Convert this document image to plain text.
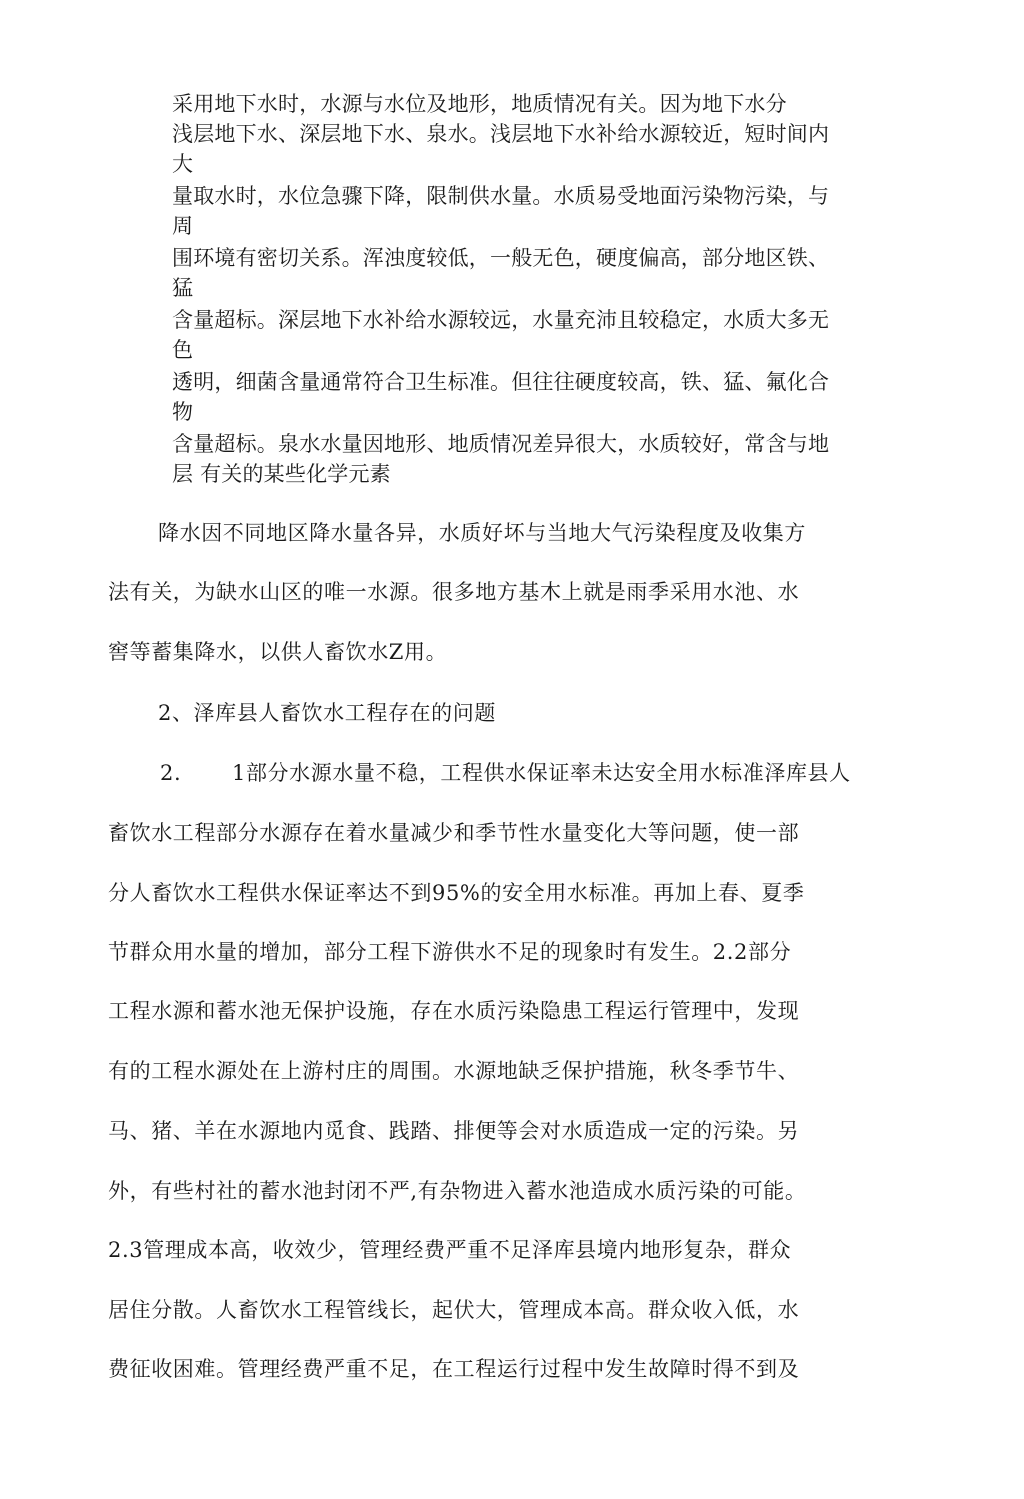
采用地下水时，水源与水位及地形，地质情况有关。因为地下水分
浅层地下水、深层地下水、泉水。浅层地下水补给水源较近，短时间内
大
量取水时，水位急骤下降，限制供水量。水质易受地面污染物污染，与
周
围环境有密切关系。浑浊度较低，一般无色，硬度偏高，部分地区铁、
猛
含量超标。深层地下水补给水源较远，水量充沛且较稳定，水质大多无
色
透明，细菌含量通常符合卫生标准。但往往硬度较高，铁、猛、氟化合
物
含量超标。泉水水量因地形、地质情况差异很大，水质较好，常含与地
层 有关的某些化学元素
降水因不同地区降水量各异，水质好坏与当地大气污染程度及收集方
法有关，为缺水山区的唯一水源。很多地方基木上就是雨季采用水池、水
窖等蓄集降水，以供人畜饮水Z用。
2、泽库县人畜饮水工程存在的问题
2. 1部分水源水量不稳，工程供水保证率未达安全用水标准泽库县人
畜饮水工程部分水源存在着水量减少和季节性水量变化大等问题，使一部
分人畜饮水工程供水保证率达不到95%的安全用水标准。再加上春、夏季
节群众用水量的增加，部分工程下游供水不足的现象时有发生。2.2部分
工程水源和蓄水池无保护设施，存在水质污染隐患工程运行管理中，发现
有的工程水源处在上游村庄的周围。水源地缺乏保护措施，秋冬季节牛、
马、猪、羊在水源地内觅食、践踏、排便等会对水质造成一定的污染。另
外，有些村社的蓄水池封闭不严,有杂物进入蓄水池造成水质污染的可能。
2.3管理成本高，收效少，管理经费严重不足泽库县境内地形复杂，群众
居住分散。人畜饮水工程管线长，起伏大，管理成本高。群众收入低，水
费征收困难。管理经费严重不足，在工程运行过程中发生故障时得不到及
